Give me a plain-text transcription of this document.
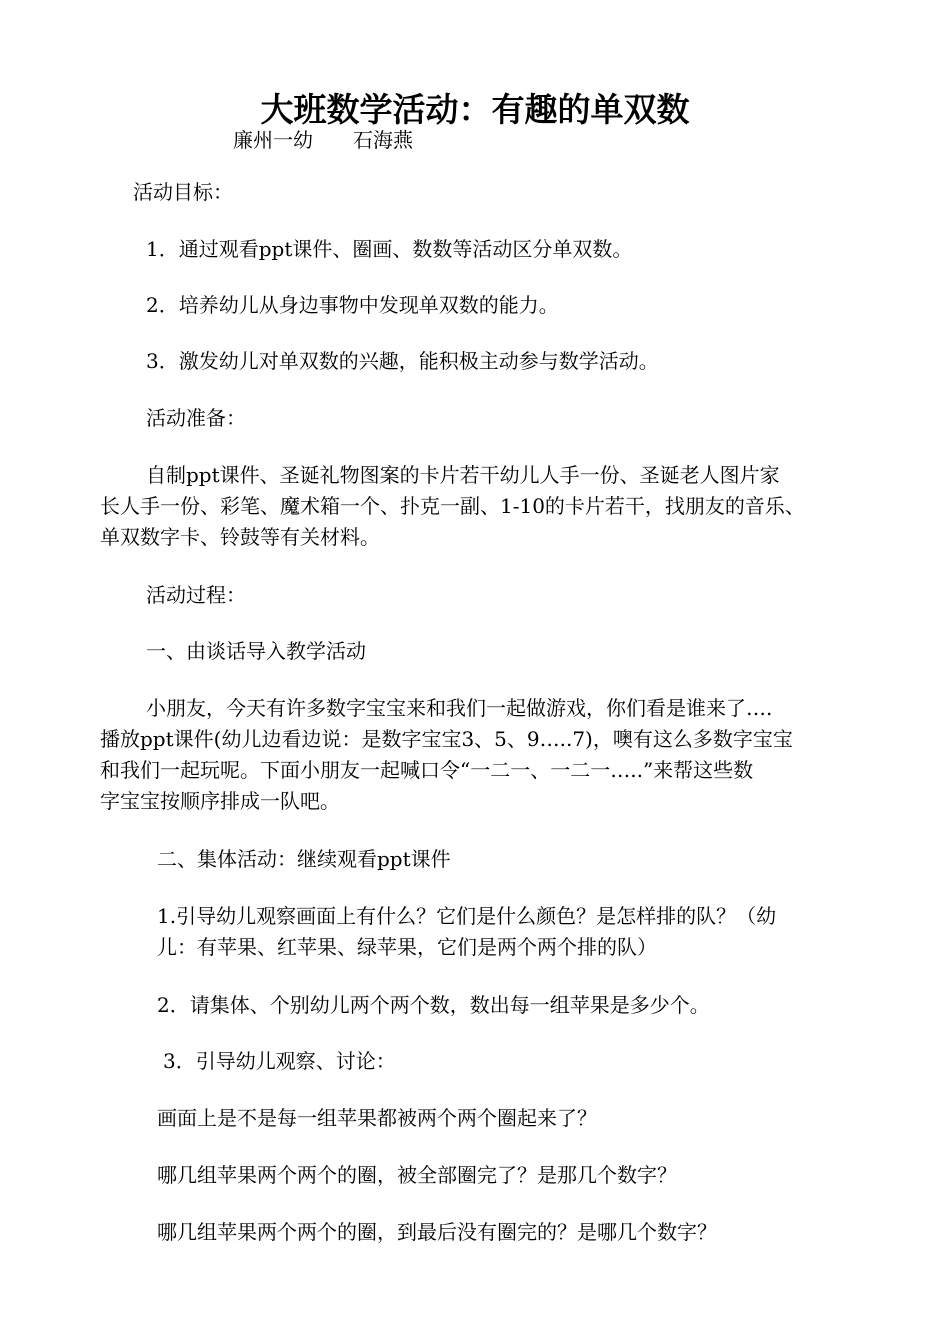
大班数学活动：有趣的单双数
廉州一幼 石海燕
活动目标：
1．通过观看ppt课件、圈画、数数等活动区分单双数。
2．培养幼儿从身边事物中发现单双数的能力。
3．激发幼儿对单双数的兴趣，能积极主动参与数学活动。
活动准备：
自制ppt课件、圣诞礼物图案的卡片若干幼儿人手一份、圣诞老人图片家
长人手一份、彩笔、魔术箱一个、扑克一副、1-10的卡片若干，找朋友的音乐、
单双数字卡、铃鼓等有关材料。
活动过程：
一、由谈话导入教学活动
小朋友，今天有许多数字宝宝来和我们一起做游戏，你们看是谁来了….
播放ppt课件(幼儿边看边说：是数字宝宝3、5、9…..7)，噢有这么多数字宝宝
和我们一起玩呢。下面小朋友一起喊口令“一二一、一二一…..”来帮这些数
字宝宝按顺序排成一队吧。
二、集体活动：继续观看ppt课件
1.引导幼儿观察画面上有什么？它们是什么颜色？是怎样排的队？（幼
儿：有苹果、红苹果、绿苹果，它们是两个两个排的队）
2．请集体、个别幼儿两个两个数，数出每一组苹果是多少个。
3．引导幼儿观察、讨论：
画面上是不是每一组苹果都被两个两个圈起来了？
哪几组苹果两个两个的圈，被全部圈完了？是那几个数字？
哪几组苹果两个两个的圈，到最后没有圈完的？是哪几个数字？
